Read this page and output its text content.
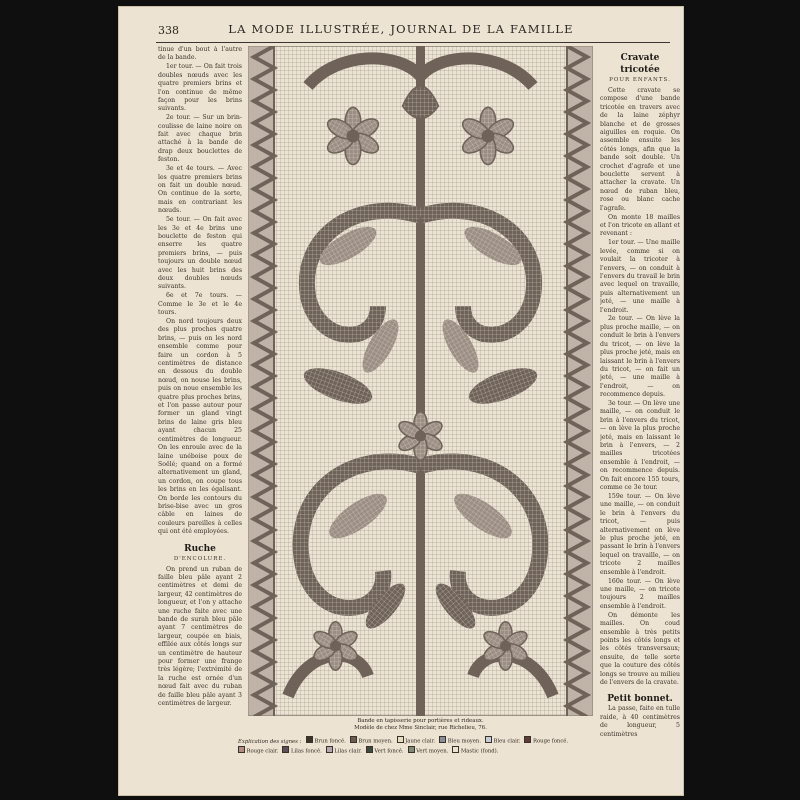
338	LA MODE ILLUSTRÉE, JOURNAL DE LA FAMILLE

tinue d'un bout à l'autre de la bande.

1er tour. — On fait trois doubles nœuds avec les quatre premiers brins et l'on continue de même façon pour les brins suivants.

2e tour. — Sur un brin-coulisse de laine noire on fait avec chaque brin attaché à la bande de drap deux bouclettes de feston.

3e et 4e tours. — Avec les quatre premiers brins on fait un double nœud. On continue de la sorte, mais en contrariant les nœuds.

5e tour. — On fait avec les 3e et 4e brins une bouclette de feston qui enserre les quatre premiers brins, — puis toujours un double nœud avec les huit brins des deux doubles nœuds suivants.

6e et 7e tours. — Comme le 3e et le 4e tours.

On nord toujours deux des plus proches quatre brins, — puis on les nord ensemble comme pour faire un cordon à 5 centimètres de distance en dessous du double nœud, on nouse les brins, puis on noue ensemble les quatre plus proches brins, et l'on passe autour pour former un gland vingt brins de laine gris bleu ayant chacun 25 centimètres de longueur. On les enroule avec de la laine unéboise poux de Soëlé; quand on a formé alternativement un gland, un cordon, on coupe tous les brins en les égalisant. On borde les contours du brise-bise avec un gros câble en laines de couleurs pareilles à celles qui ont été employées.

Ruche
D'ENCOLURE.

On prend un ruban de faille bleu pâle ayant 2 centimètres et demi de largeur, 42 centimètres de longueur, et l'on y attache une ruche faite avec une bande de surah bleu pâle ayant 7 centimètres de largeur, coupée en biais, effilée aux côtés longs sur un centimètre de hauteur pour former une frange très légère; l'extrémité de la ruche est ornée d'un nœud fait avec du ruban de faille bleu pâle ayant 3 centimètres de largeur.

Bande en tapisserie pour portières et rideaux.
Modèle de chez Mme Sinclair, rue Richelieu, 76.
Explication des signes : Brun foncé. Brun moyen. Jaune clair. Bleu moyen. Bleu clair. Rouge foncé.Rouge clair. Lilas foncé. Lilas clair. Vert foncé. Vert moyen. Mastic (fond).
Cravate tricotée
POUR ENFANTS.

Cette cravate se compose d'une bande tricotée en travers avec de la laine zéphyr blanche et de grosses aiguilles en roquie. On assemble ensuite les côtés longs, afin que la bande soit double. Un crochet d'agrafe et une bouclette servent à attacher la cravate. Un nœud de ruban bleu, rose ou blanc cache l'agrafe.

On monte 18 mailles et l'on tricote en allant et revenant :

1er tour. — Une maille levée, comme si on voulait la tricoter à l'envers, — on conduit à l'envers du travail le brin avec lequel on travaille, puis alternativement un jeté, — une maille à l'endroit.

2e tour. — On lève la plus proche maille, — on conduit le brin à l'envers du tricot, — on lève la plus proche jeté, mais en laissant le brin à l'envers du tricot, — on fait un jeté, — une maille à l'endroit, — on recommence depuis.

3e tour. — On lève une maille, — on conduit le brin à l'envers du tricot, — on lève la plus proche jeté, mais en laissant le brin à l'envers, — 2 mailles tricotées ensemble à l'endroit, — on recommence depuis. On fait encore 155 tours, comme ce 3e tour.

159e tour. — On lève une maille, — on conduit le brin à l'envers du tricot, — puis alternativement on lève le plus proche jeté, en passant le brin à l'envers lequel on travaille, — on tricote 2 mailles ensemble à l'endroit.

160e tour. — On lève une maille, — on tricote toujours 2 mailles ensemble à l'endroit.

On démonte les mailles. On coud ensemble à très petits points les côtés longs et les côtés transversaux; ensuite, de telle sorte que la couture des côtés longs se trouve au milieu de l'envers de la cravate.

Petit bonnet.

La passe, faite en tulle raide, à 40 centimètres de longueur, 5 centimètres
